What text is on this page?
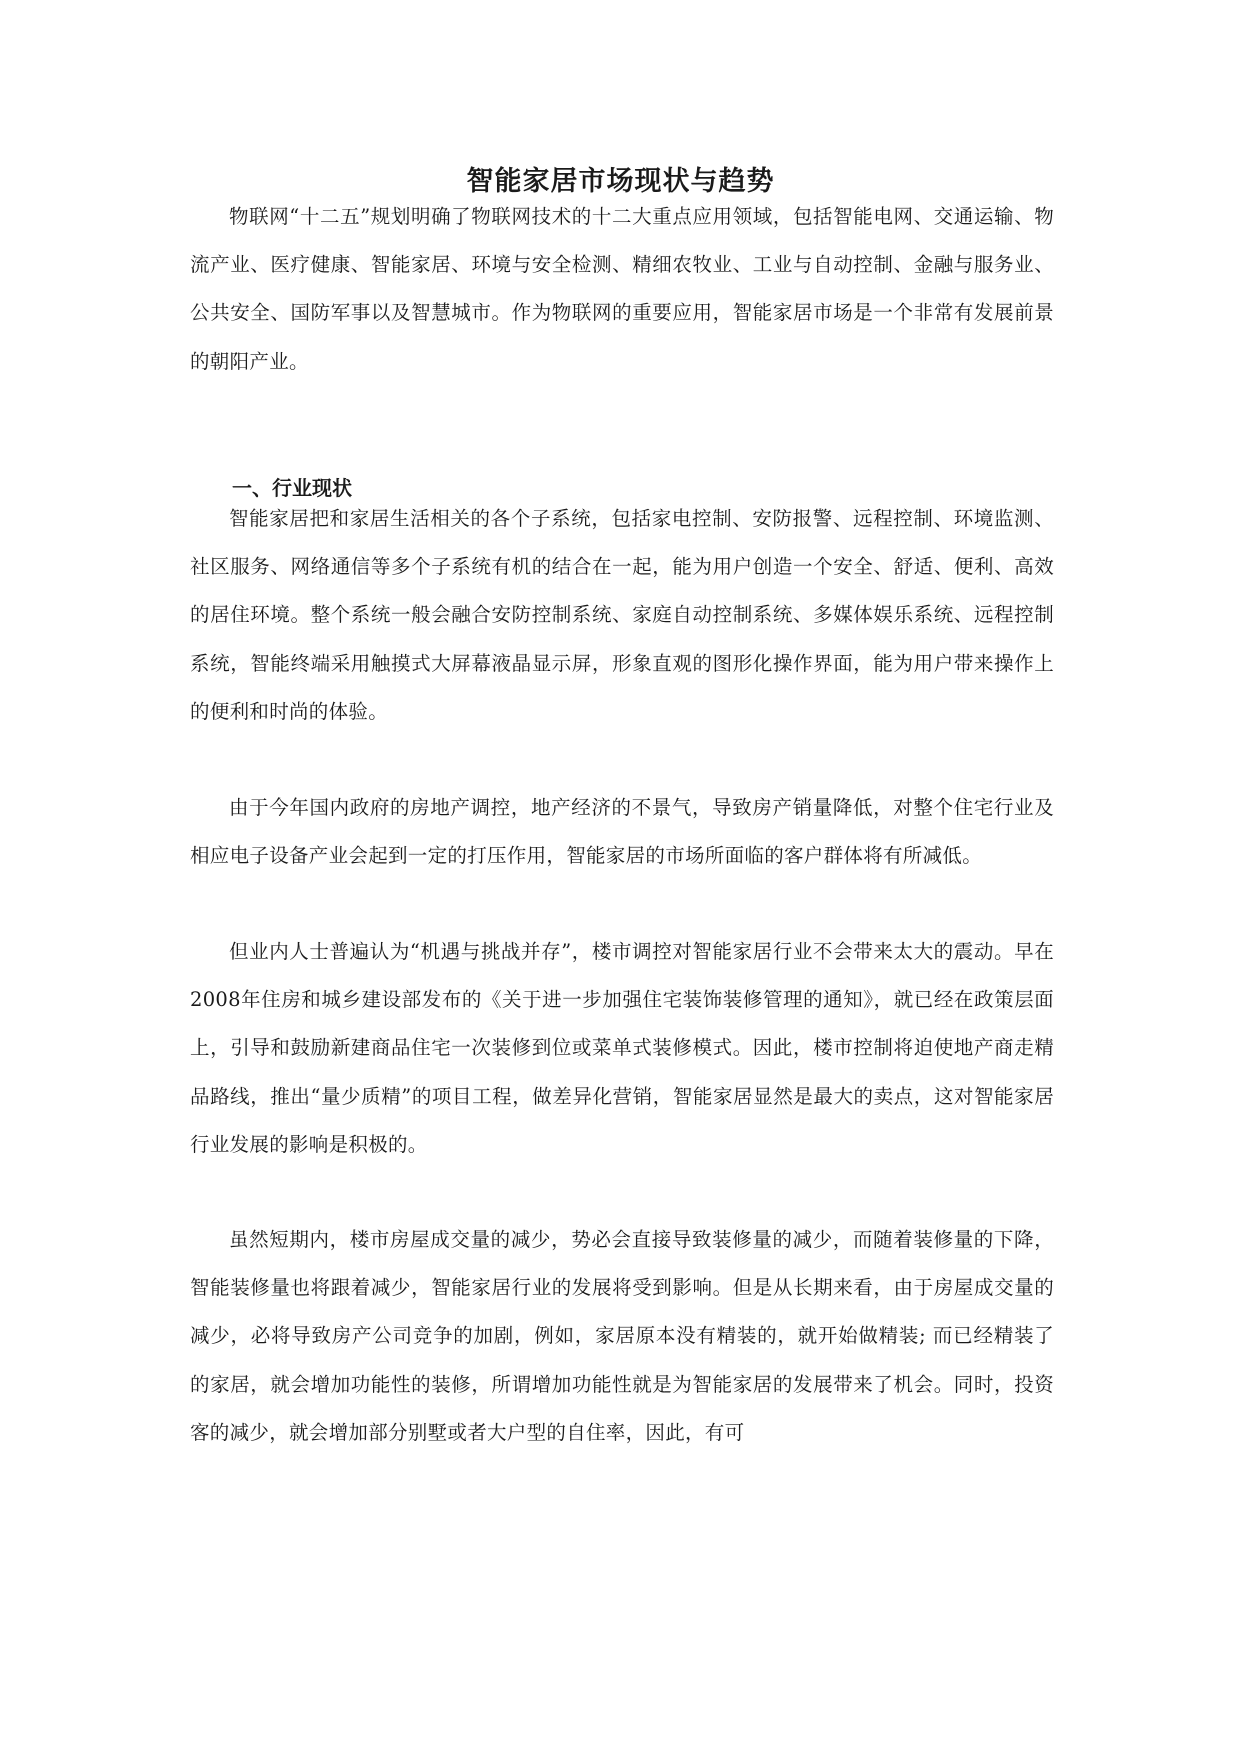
智能家居市场现状与趋势

物联网“十二五”规划明确了物联网技术的十二大重点应用领域，包括智能电网、交通运输、物流产业、医疗健康、智能家居、环境与安全检测、精细农牧业、工业与自动控制、金融与服务业、公共安全、国防军事以及智慧城市。作为物联网的重要应用，智能家居市场是一个非常有发展前景的朝阳产业。

一、行业现状

智能家居把和家居生活相关的各个子系统，包括家电控制、安防报警、远程控制、环境监测、社区服务、网络通信等多个子系统有机的结合在一起，能为用户创造一个安全、舒适、便利、高效的居住环境。整个系统一般会融合安防控制系统、家庭自动控制系统、多媒体娱乐系统、远程控制系统，智能终端采用触摸式大屏幕液晶显示屏，形象直观的图形化操作界面，能为用户带来操作上的便利和时尚的体验。

由于今年国内政府的房地产调控，地产经济的不景气，导致房产销量降低，对整个住宅行业及相应电子设备产业会起到一定的打压作用，智能家居的市场所面临的客户群体将有所减低。

但业内人士普遍认为“机遇与挑战并存”，楼市调控对智能家居行业不会带来太大的震动。早在2008年住房和城乡建设部发布的《关于进一步加强住宅装饰装修管理的通知》，就已经在政策层面上，引导和鼓励新建商品住宅一次装修到位或菜单式装修模式。因此，楼市控制将迫使地产商走精品路线，推出“量少质精”的项目工程，做差异化营销，智能家居显然是最大的卖点，这对智能家居行业发展的影响是积极的。

虽然短期内，楼市房屋成交量的减少，势必会直接导致装修量的减少，而随着装修量的下降，智能装修量也将跟着减少，智能家居行业的发展将受到影响。但是从长期来看，由于房屋成交量的减少，必将导致房产公司竞争的加剧，例如，家居原本没有精装的，就开始做精装; 而已经精装了的家居，就会增加功能性的装修，所谓增加功能性就是为智能家居的发展带来了机会。同时，投资客的减少，就会增加部分别墅或者大户型的自住率，因此，有可
